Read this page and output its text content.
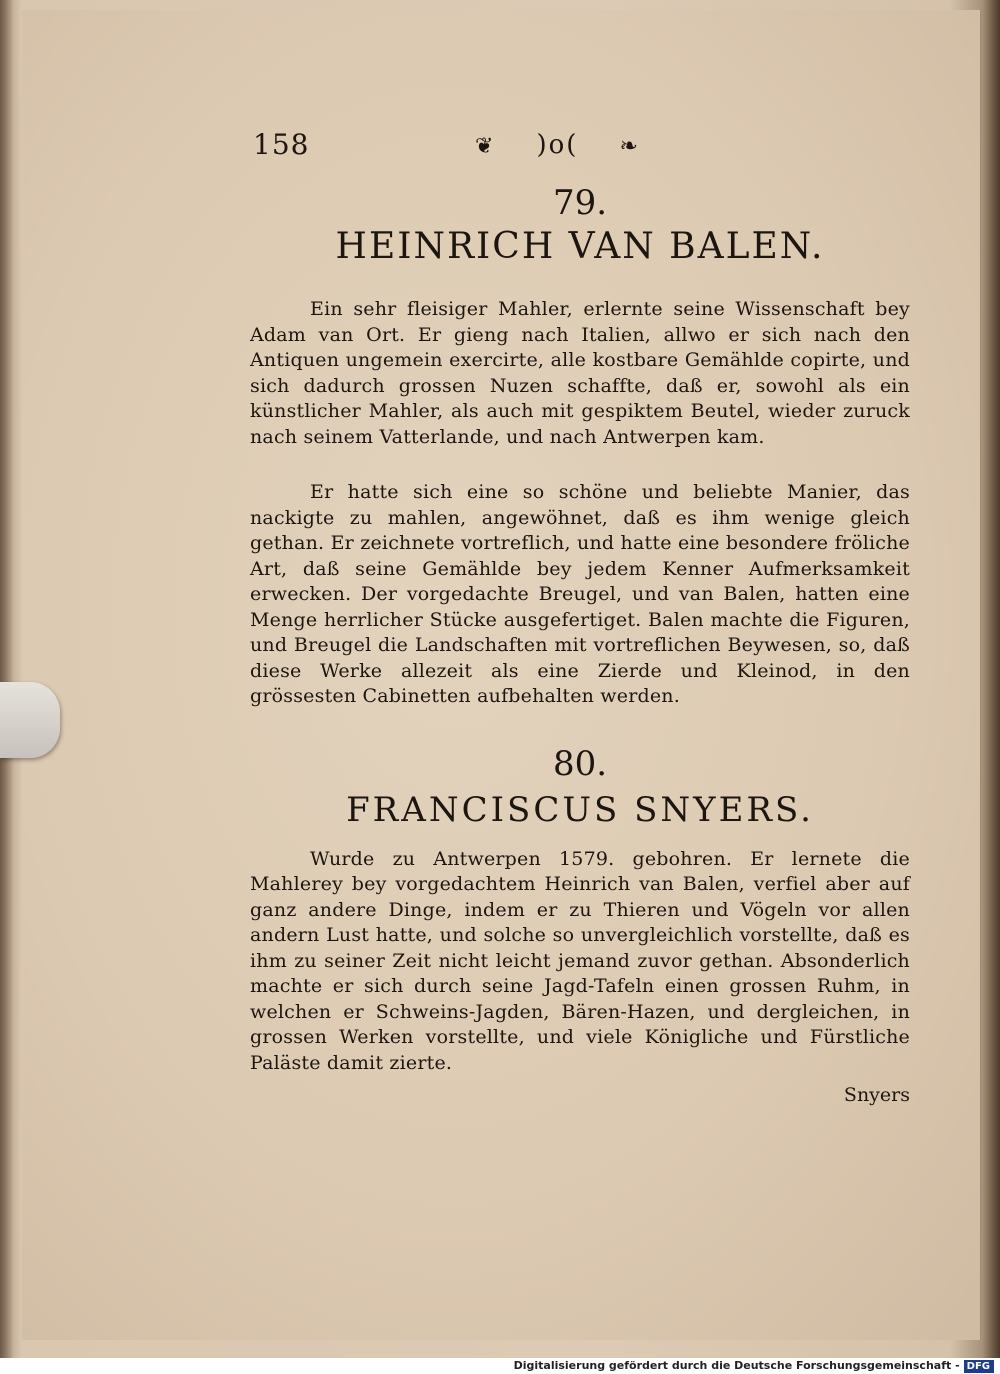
158	❦ )o( ❧
79.
HEINRICH VAN BALEN.

Ein sehr fleisiger Mahler, erlernte seine Wissenschaft bey Adam van Ort. Er gieng nach Italien, allwo er sich nach den Antiquen ungemein exercirte, alle kostbare Gemählde copirte, und sich dadurch grossen Nuzen schaffte, daß er, sowohl als ein künstlicher Mahler, als auch mit gespiktem Beutel, wieder zuruck nach seinem Vatterlande, und nach Antwerpen kam.

Er hatte sich eine so schöne und beliebte Manier, das nackigte zu mahlen, angewöhnet, daß es ihm wenige gleich gethan. Er zeichnete vortreflich, und hatte eine besondere fröliche Art, daß seine Gemählde bey jedem Kenner Aufmerksamkeit erwecken. Der vorgedachte Breugel, und van Balen, hatten eine Menge herrlicher Stücke ausgefertiget. Balen machte die Figuren, und Breugel die Landschaften mit vortreflichen Beywesen, so, daß diese Werke allezeit als eine Zierde und Kleinod, in den grössesten Cabinetten aufbehalten werden.

80.
FRANCISCUS SNYERS.

Wurde zu Antwerpen 1579. gebohren. Er lernete die Mahlerey bey vorgedachtem Heinrich van Balen, verfiel aber auf ganz andere Dinge, indem er zu Thieren und Vögeln vor allen andern Lust hatte, und solche so unvergleichlich vorstellte, daß es ihm zu seiner Zeit nicht leicht jemand zuvor gethan. Absonderlich machte er sich durch seine Jagd-Tafeln einen grossen Ruhm, in welchen er Schweins-Jagden, Bären-Hazen, und dergleichen, in grossen Werken vorstellte, und viele Königliche und Fürstliche Paläste damit zierte.

Snyers
Digitalisierung gefördert durch die Deutsche Forschungsgemeinschaft - DFG
